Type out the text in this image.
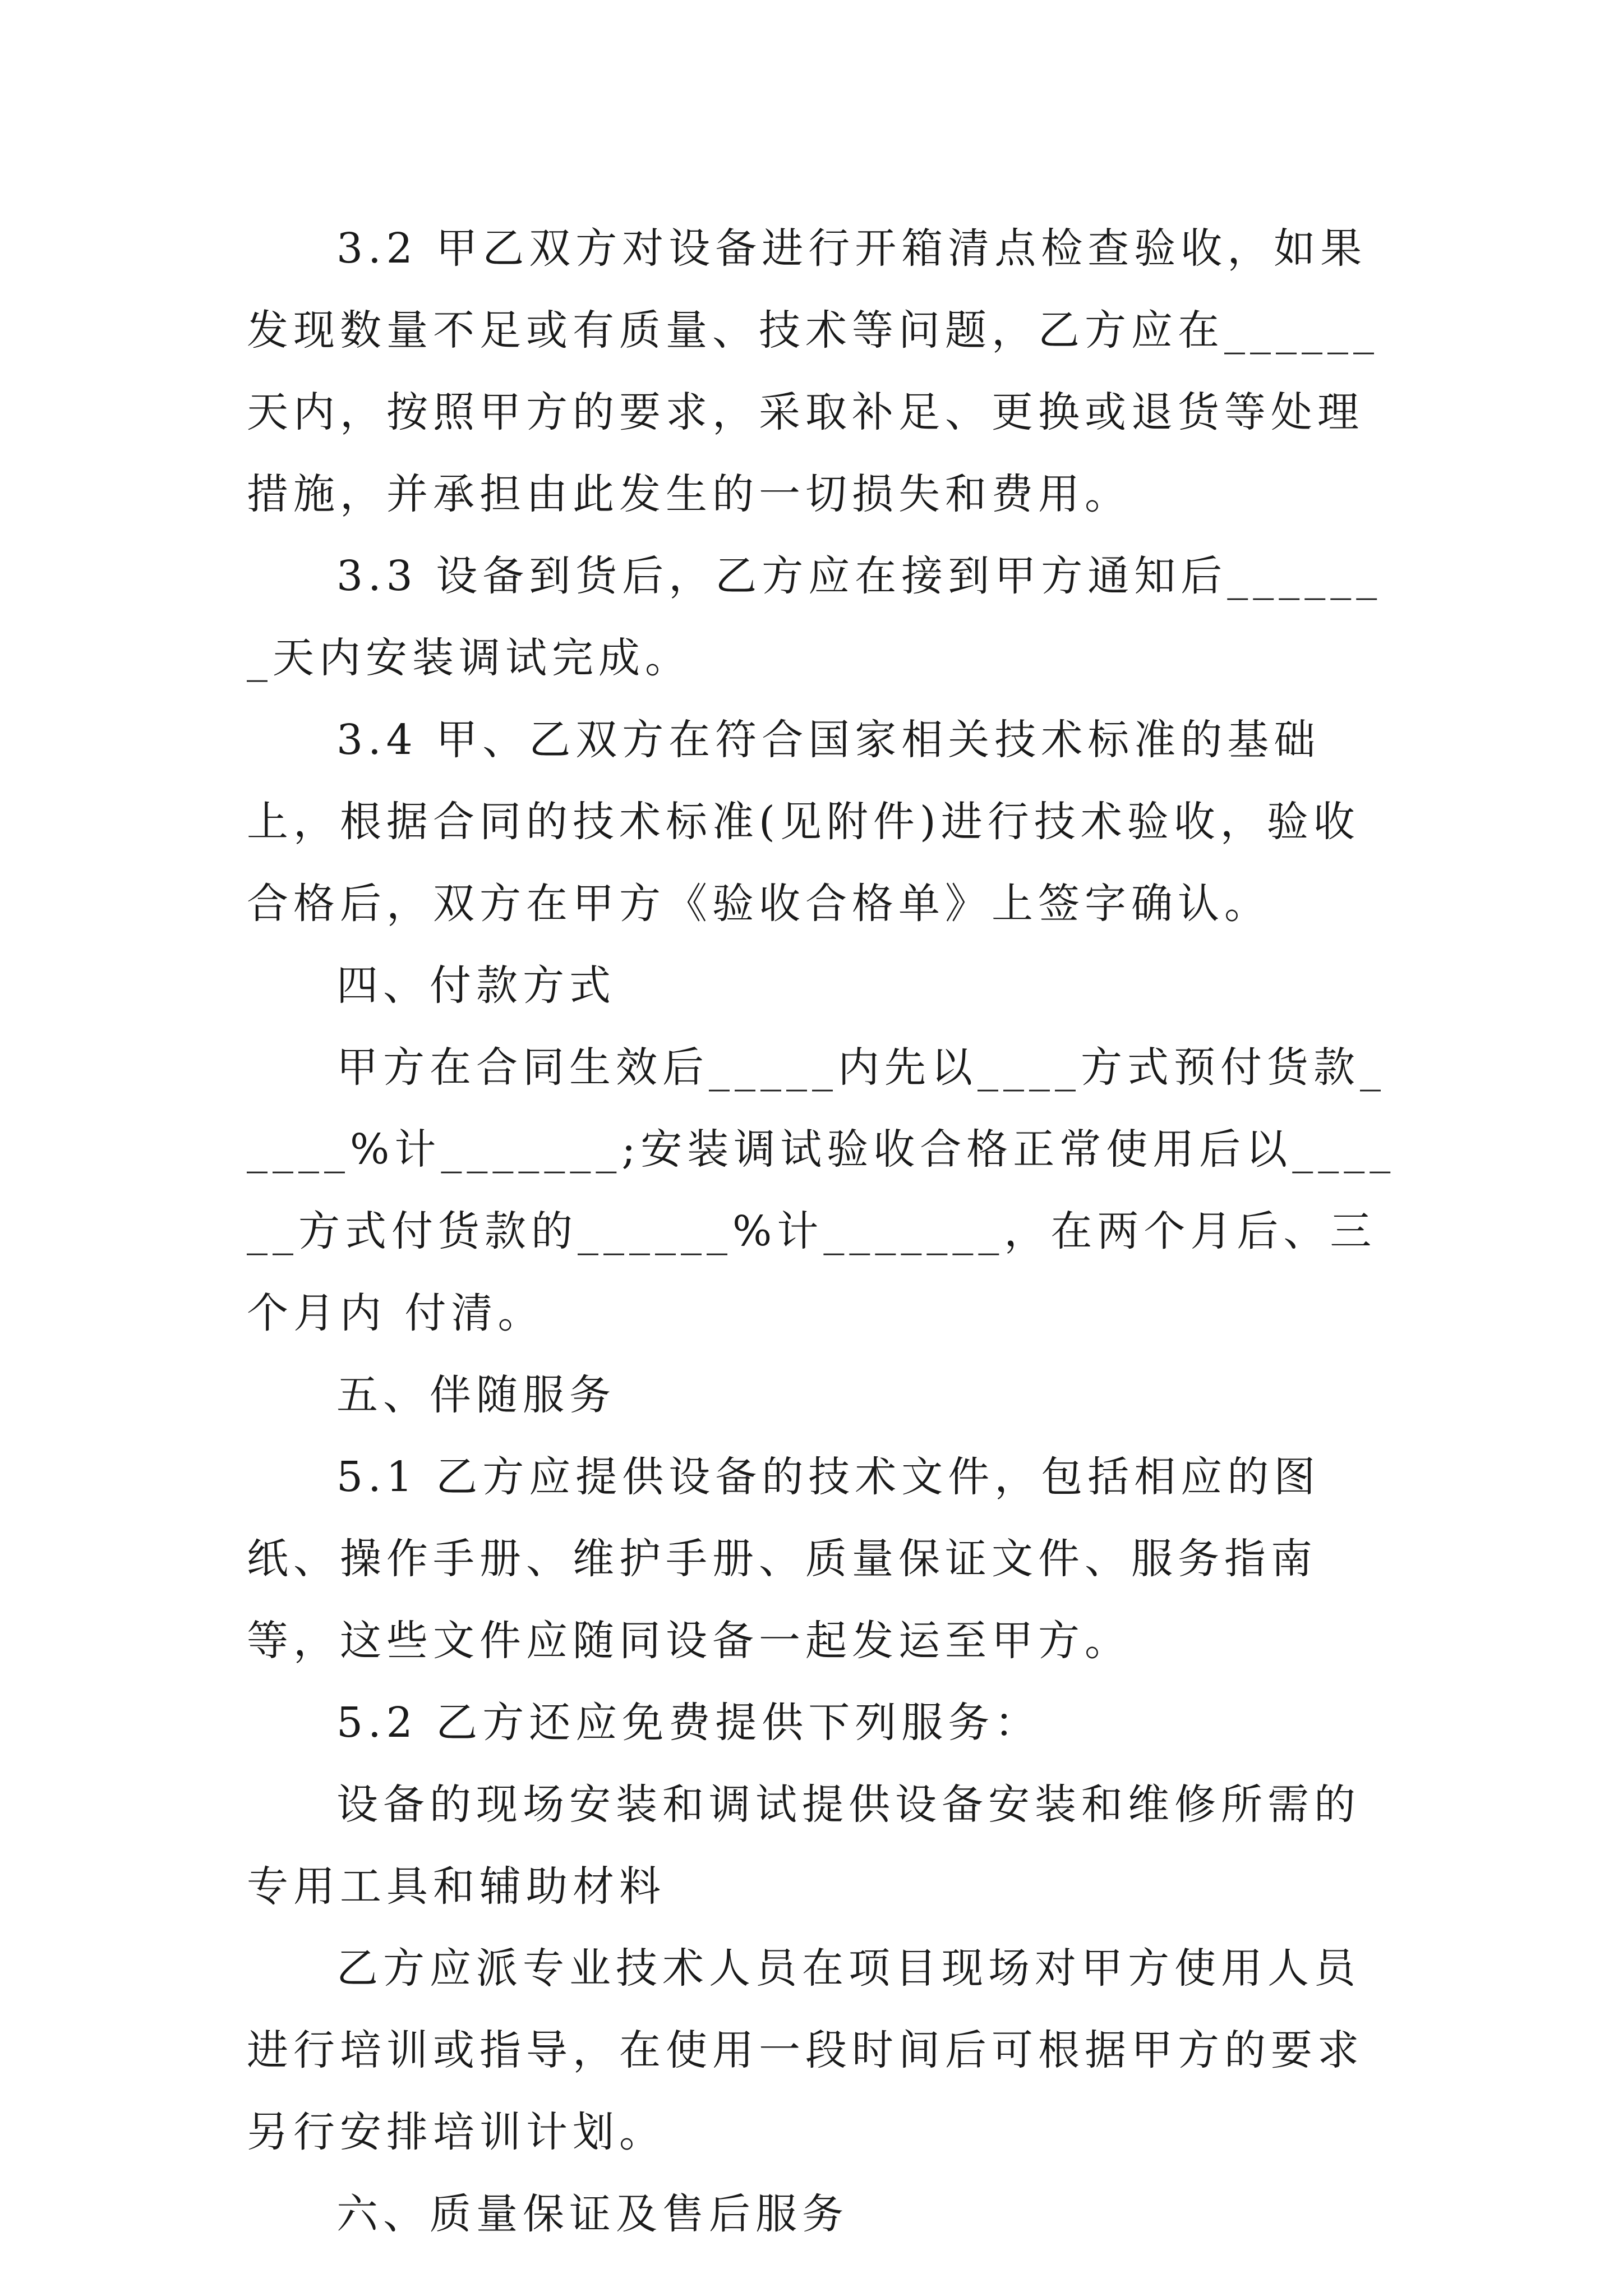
3.2 甲乙双方对设备进行开箱清点检查验收，如果发现数量不足或有质量、技术等问题，乙方应在______天内，按照甲方的要求，采取补足、更换或退货等处理措施，并承担由此发生的一切损失和费用。

3.3 设备到货后，乙方应在接到甲方通知后_______天内安装调试完成。

3.4 甲、乙双方在符合国家相关技术标准的基础上，根据合同的技术标准(见附件)进行技术验收，验收合格后，双方在甲方《验收合格单》上签字确认。

四、付款方式

甲方在合同生效后_____内先以____方式预付货款_____%计_______;安装调试验收合格正常使用后以______方式付货款的______%计_______，在两个月后、三个月内 付清。

五、伴随服务

5.1 乙方应提供设备的技术文件，包括相应的图纸、操作手册、维护手册、质量保证文件、服务指南等，这些文件应随同设备一起发运至甲方。

5.2 乙方还应免费提供下列服务：

设备的现场安装和调试提供设备安装和维修所需的专用工具和辅助材料

乙方应派专业技术人员在项目现场对甲方使用人员进行培训或指导，在使用一段时间后可根据甲方的要求另行安排培训计划。

六、质量保证及售后服务
